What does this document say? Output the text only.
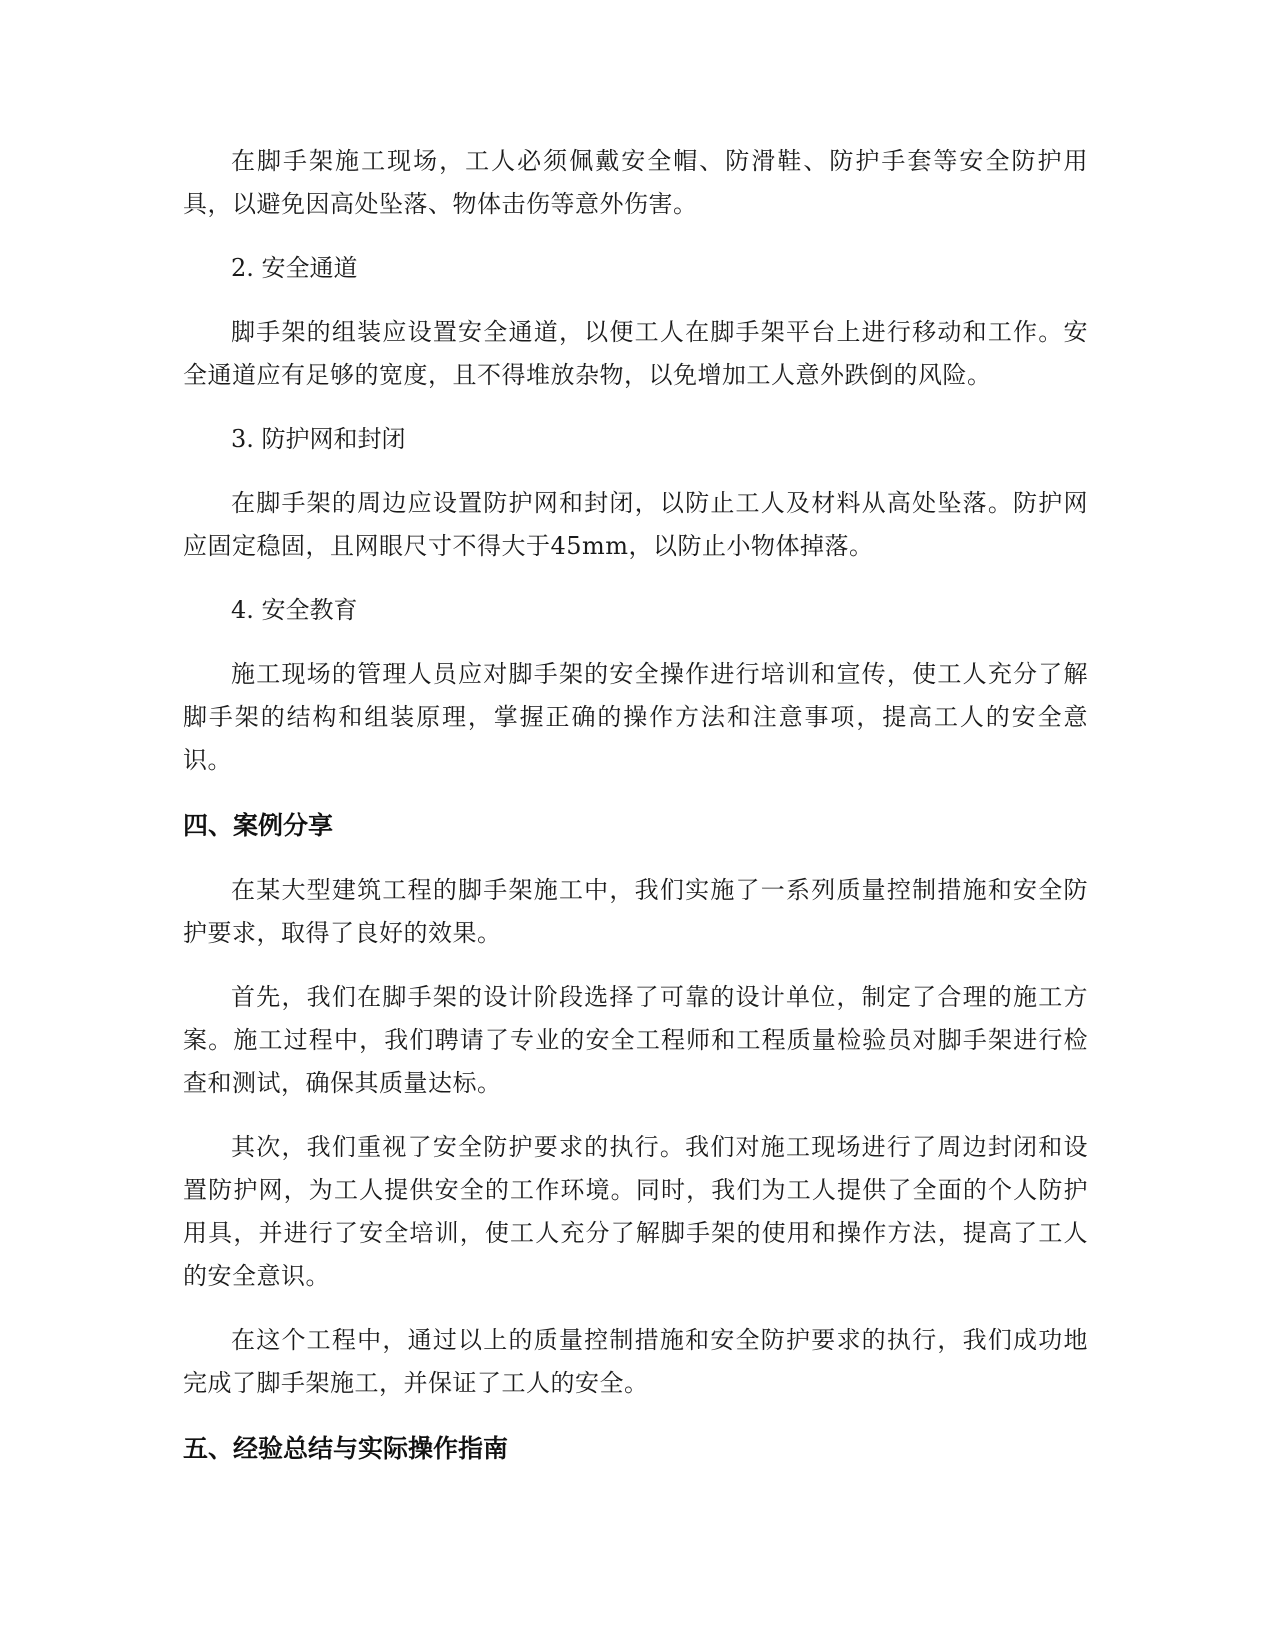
在脚手架施工现场，工人必须佩戴安全帽、防滑鞋、防护手套等安全防护用具，以避免因高处坠落、物体击伤等意外伤害。

2. 安全通道

脚手架的组装应设置安全通道，以便工人在脚手架平台上进行移动和工作。安全通道应有足够的宽度，且不得堆放杂物，以免增加工人意外跌倒的风险。

3. 防护网和封闭

在脚手架的周边应设置防护网和封闭，以防止工人及材料从高处坠落。防护网应固定稳固，且网眼尺寸不得大于45mm，以防止小物体掉落。

4. 安全教育

施工现场的管理人员应对脚手架的安全操作进行培训和宣传，使工人充分了解脚手架的结构和组装原理，掌握正确的操作方法和注意事项，提高工人的安全意识。

四、案例分享

在某大型建筑工程的脚手架施工中，我们实施了一系列质量控制措施和安全防护要求，取得了良好的效果。

首先，我们在脚手架的设计阶段选择了可靠的设计单位，制定了合理的施工方案。施工过程中，我们聘请了专业的安全工程师和工程质量检验员对脚手架进行检查和测试，确保其质量达标。

其次，我们重视了安全防护要求的执行。我们对施工现场进行了周边封闭和设置防护网，为工人提供安全的工作环境。同时，我们为工人提供了全面的个人防护用具，并进行了安全培训，使工人充分了解脚手架的使用和操作方法，提高了工人的安全意识。

在这个工程中，通过以上的质量控制措施和安全防护要求的执行，我们成功地完成了脚手架施工，并保证了工人的安全。

五、经验总结与实际操作指南
